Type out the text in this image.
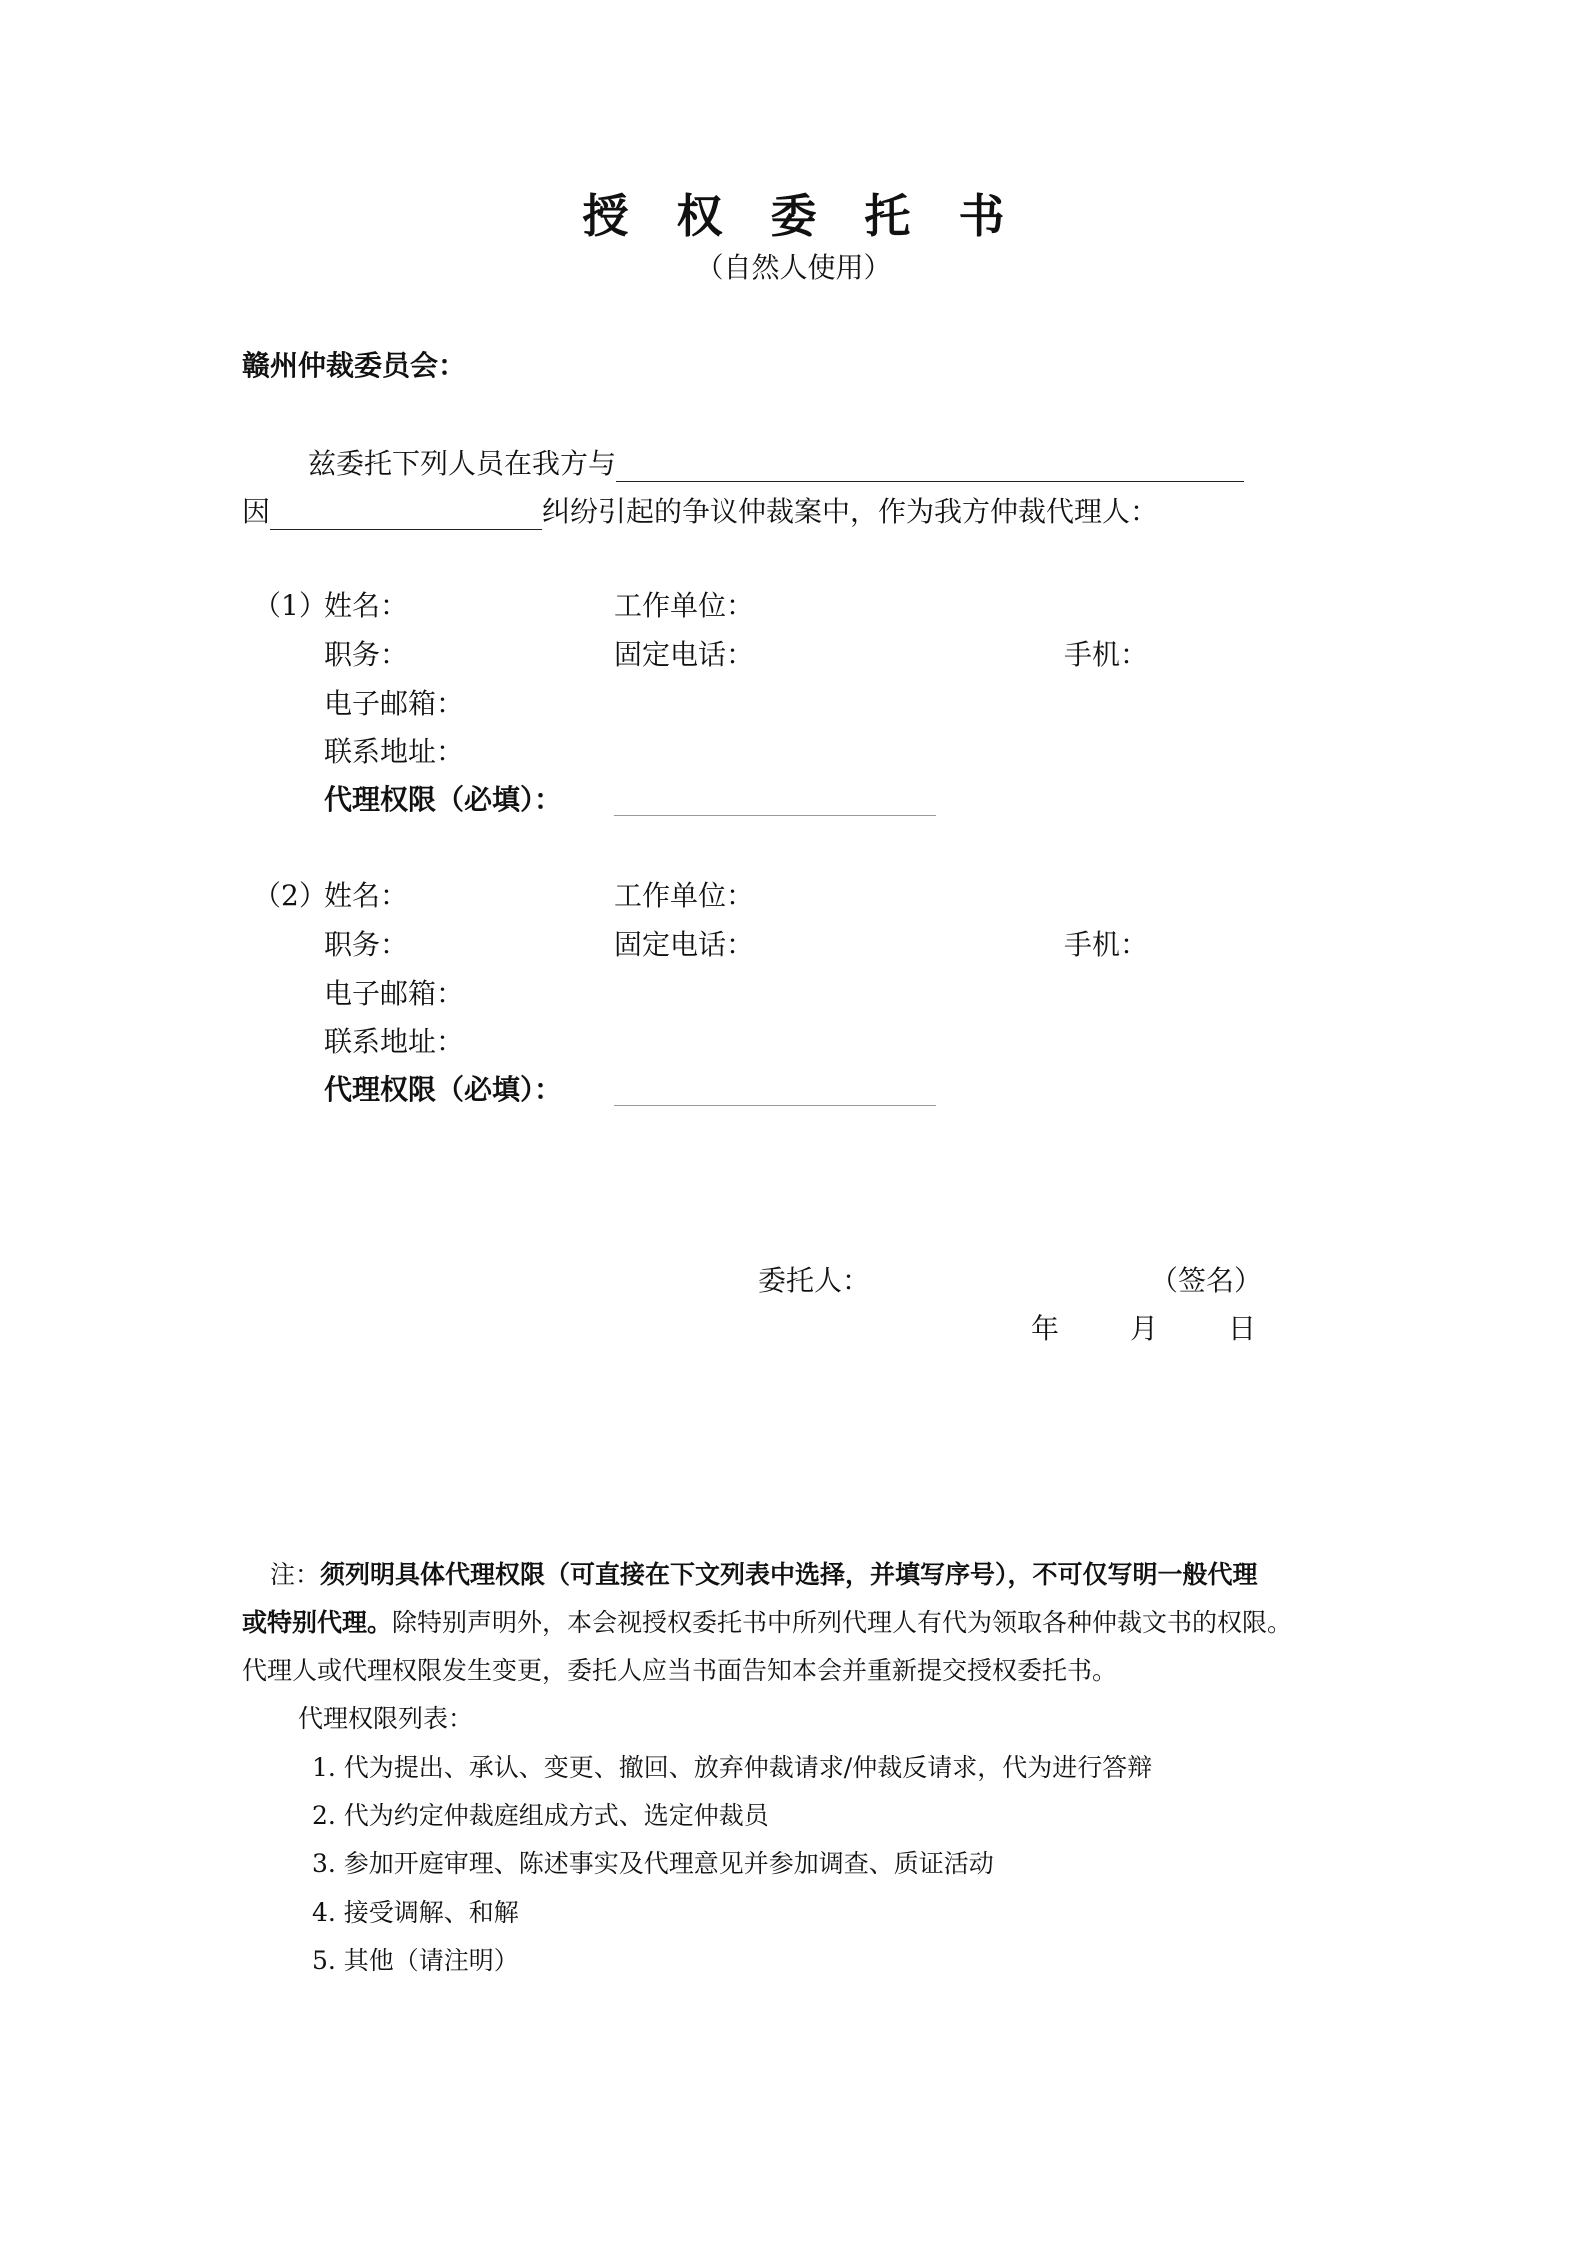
授权委托书
（自然人使用）
赣州仲裁委员会：
兹委托下列人员在我方与
因	纠纷引起的争议仲裁案中，作为我方仲裁代理人：
（1）
姓名：	工作单位：
职务：	固定电话：	手机：
电子邮箱：
联系地址：
代理权限（必填）：
（2）
姓名：	工作单位：
职务：	固定电话：	手机：
电子邮箱：
联系地址：
代理权限（必填）：
委托人：	（签名）
年	月 日
注：须列明具体代理权限（可直接在下文列表中选择，并填写序号），不可仅写明一般代理
或特别代理。除特别声明外，本会视授权委托书中所列代理人有代为领取各种仲裁文书的权限。
代理人或代理权限发生变更，委托人应当书面告知本会并重新提交授权委托书。
代理权限列表：
1. 代为提出、承认、变更、撤回、放弃仲裁请求/仲裁反请求，代为进行答辩
2. 代为约定仲裁庭组成方式、选定仲裁员
3. 参加开庭审理、陈述事实及代理意见并参加调查、质证活动
4. 接受调解、和解
5. 其他（请注明）
